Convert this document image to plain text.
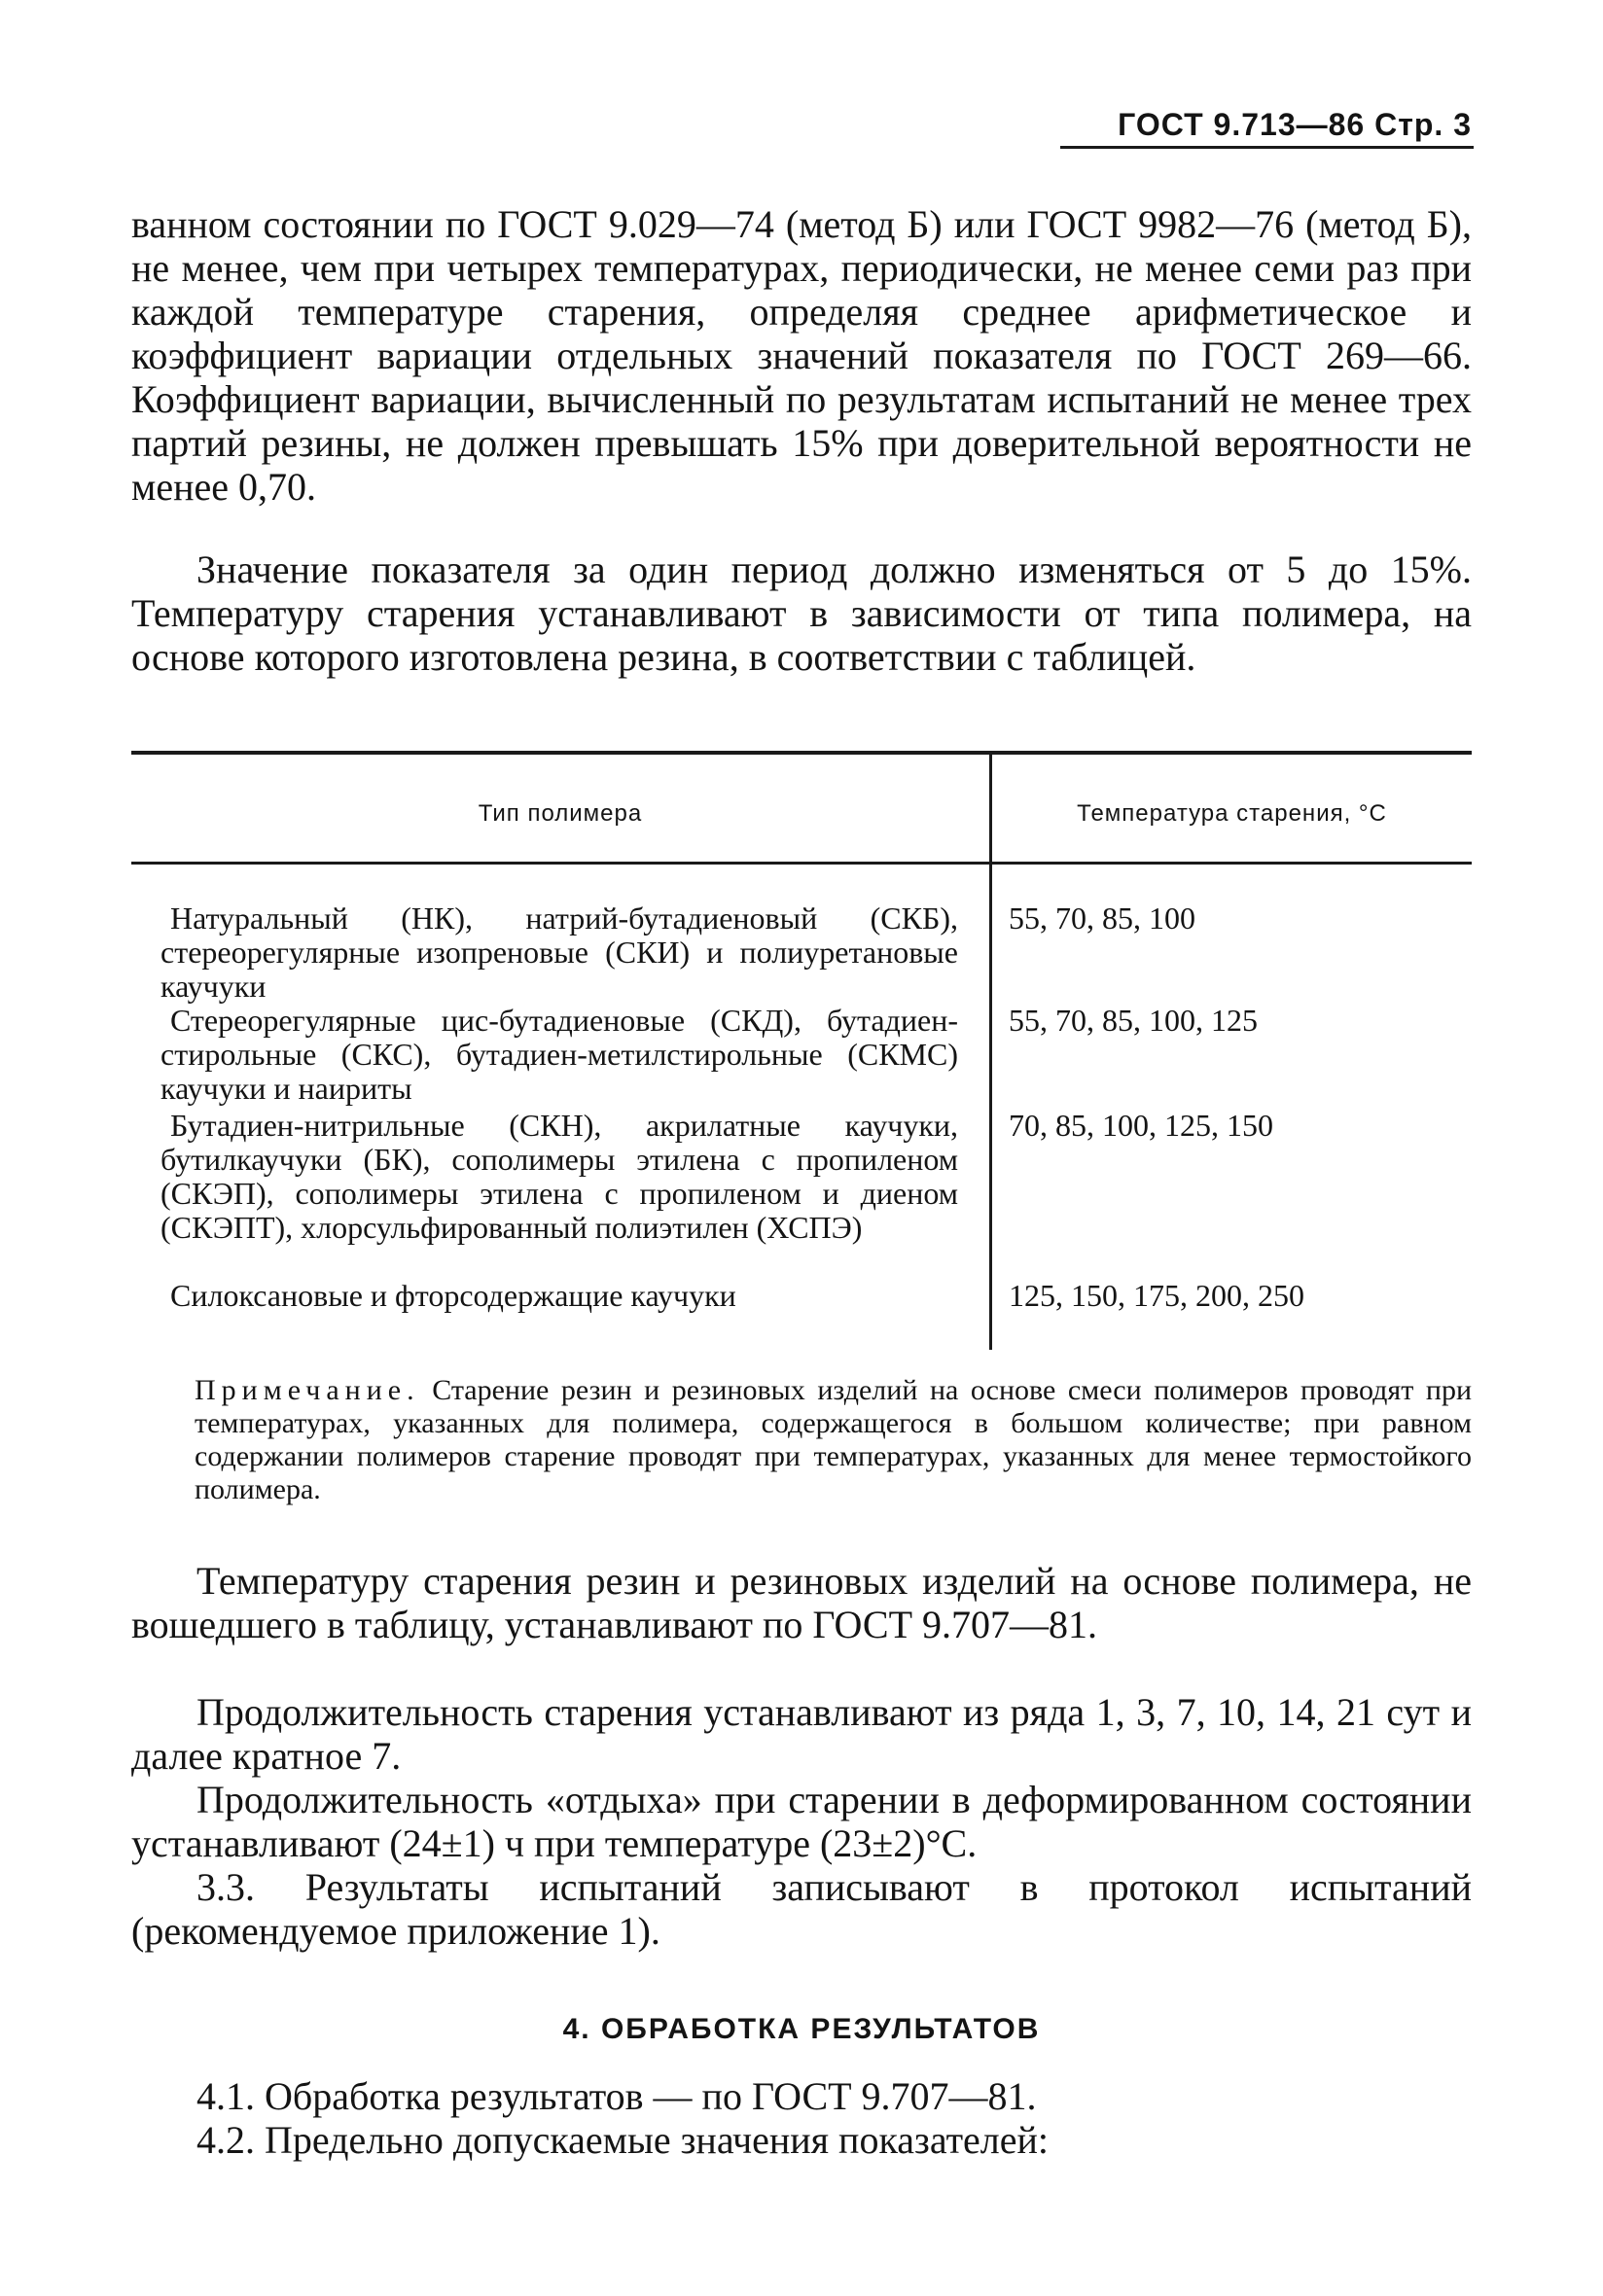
ГОСТ 9.713—86 Стр. 3
ванном состоянии по ГОСТ 9.029—74 (метод Б) или ГОСТ 9982—76 (метод Б), не менее, чем при четырех температурах, периодически, не менее семи раз при каждой температуре старения, определяя среднее арифметическое и коэффициент вариации отдельных значений показателя по ГОСТ 269—66. Коэффициент вариации, вычисленный по результатам испытаний не менее трех партий резины, не должен превышать 15% при доверительной вероятности не менее 0,70.
Значение показателя за один период должно изменяться от 5 до 15%. Температуру старения устанавливают в зависимости от типа полимера, на основе которого изготовлена резина, в соответствии с таблицей.
Тип полимера	Температура старения, °С
Натуральный (НК), натрий-бутадиеновый (СКБ), стереорегулярные изопреновые (СКИ) и полиуретановые каучуки
55, 70, 85, 100
Стереорегулярные цис-бутадиеновые (СКД), бутадиен-стирольные (СКС), бутадиен-метилстирольные (СКМС) каучуки и наириты
55, 70, 85, 100, 125
Бутадиен-нитрильные (СКН), акрилатные каучуки, бутилкаучуки (БК), сополимеры этилена с пропиленом (СКЭП), сополимеры этилена с пропиленом и диеном (СКЭПТ), хлорсульфированный полиэтилен (ХСПЭ)
70, 85, 100, 125, 150
Силоксановые и фторсодержащие каучуки	125, 150, 175, 200, 250
Примечание. Старение резин и резиновых изделий на основе смеси полимеров проводят при температурах, указанных для полимера, содержащегося в большом количестве; при равном содержании полимеров старение проводят при температурах, указанных для менее термостойкого полимера.
Температуру старения резин и резиновых изделий на основе полимера, не вошедшего в таблицу, устанавливают по ГОСТ 9.707—81.
Продолжительность старения устанавливают из ряда 1, 3, 7, 10, 14, 21 сут и далее кратное 7.
Продолжительность «отдыха» при старении в деформированном состоянии устанавливают (24±1) ч при температуре (23±2)°С.
3.3. Результаты испытаний записывают в протокол испытаний (рекомендуемое приложение 1).
4. ОБРАБОТКА РЕЗУЛЬТАТОВ
4.1. Обработка результатов — по ГОСТ 9.707—81.
4.2. Предельно допускаемые значения показателей:
